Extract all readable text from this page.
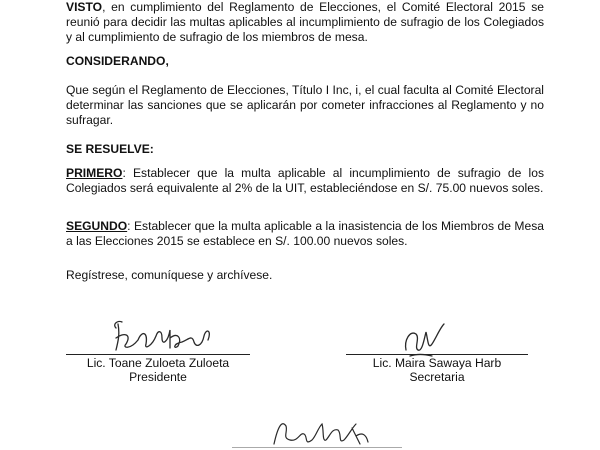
VISTO, en cumplimiento del Reglamento de Elecciones, el Comité Electoral 2015 se reunió para decidir las multas aplicables al incumplimiento de sufragio de los Colegiados y al cumplimiento de sufragio de los miembros de mesa.

CONSIDERANDO,

Que según el Reglamento de Elecciones, Título I Inc, i, el cual faculta al Comité Electoral determinar las sanciones que se aplicarán por cometer infracciones al Reglamento y no sufragar.

SE RESUELVE:

PRIMERO: Establecer que la multa aplicable al incumplimiento de sufragio de los Colegiados será equivalente al 2% de la UIT, estableciéndose en S/. 75.00 nuevos soles.

SEGUNDO: Establecer que la multa aplicable a la inasistencia de los Miembros de Mesa a las Elecciones 2015 se establece en S/. 100.00 nuevos soles.

Regístrese, comuníquese y archívese.

Lic. Toane Zuloeta Zuloeta

Presidente

Lic. Maira Sawaya Harb

Secretaria
